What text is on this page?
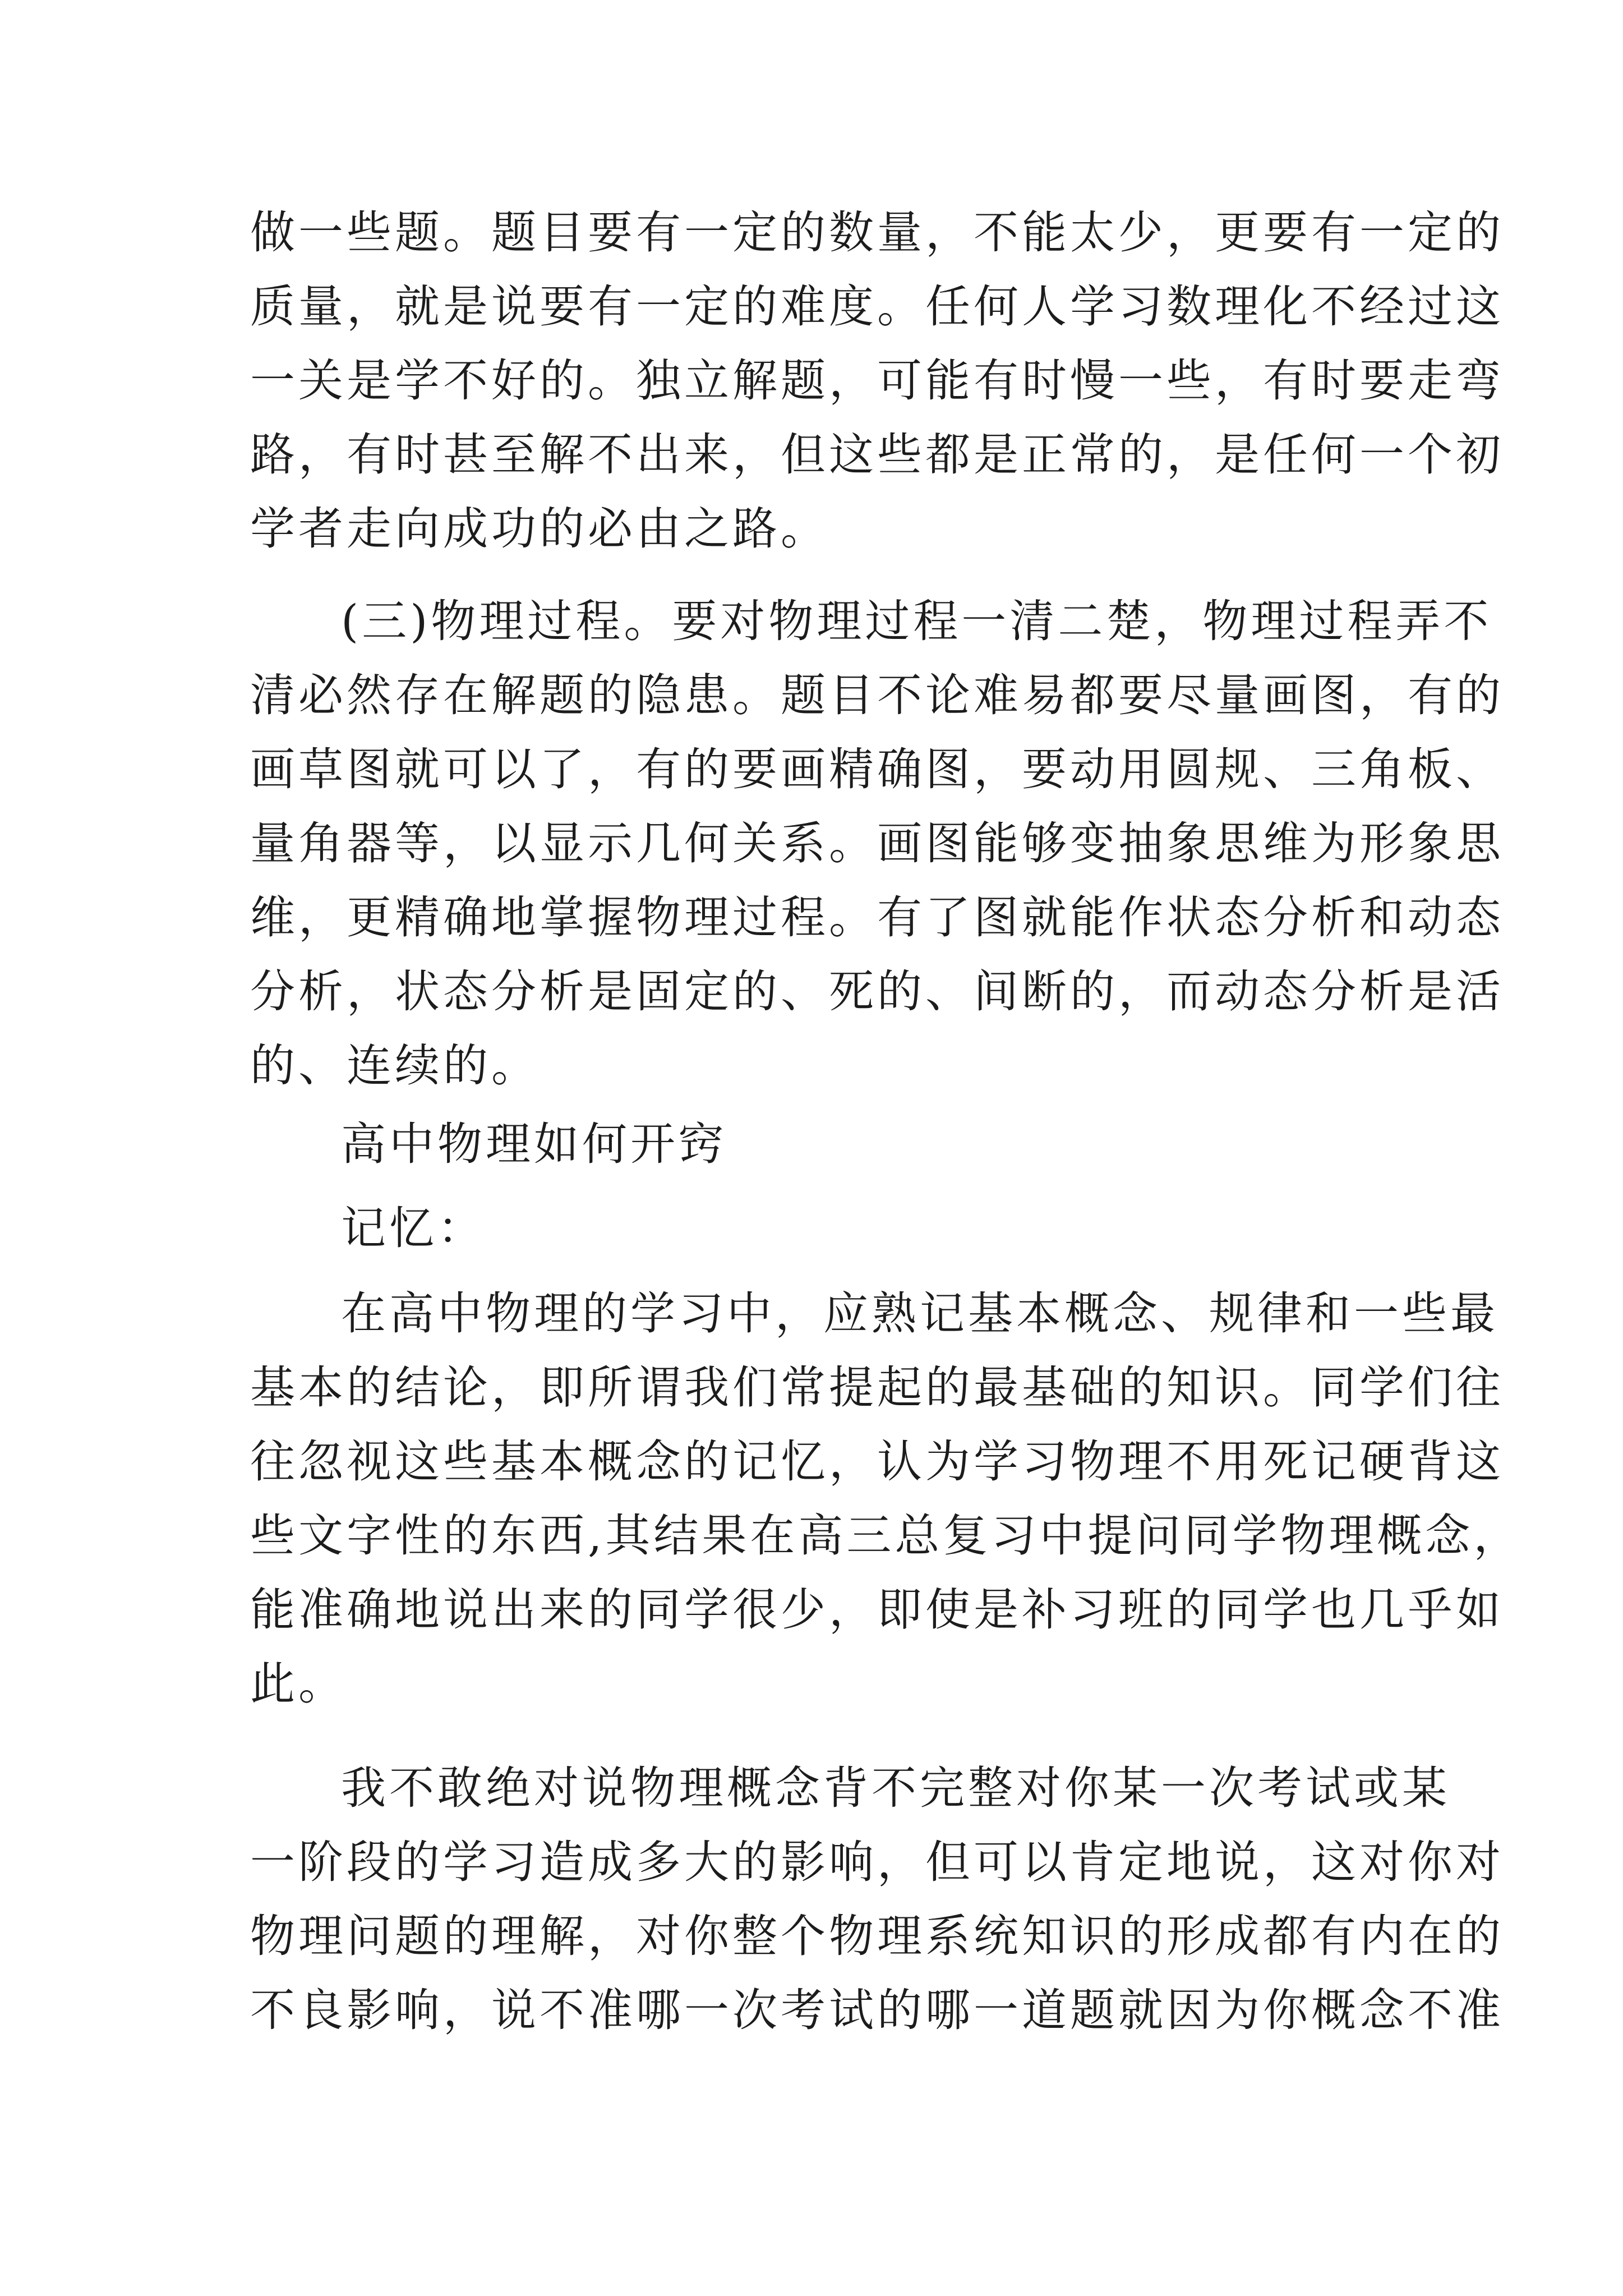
做一些题。题目要有一定的数量，不能太少，更要有一定的
质量，就是说要有一定的难度。任何人学习数理化不经过这
一关是学不好的。独立解题，可能有时慢一些，有时要走弯
路，有时甚至解不出来，但这些都是正常的，是任何一个初
学者走向成功的必由之路。
(三)物理过程。要对物理过程一清二楚，物理过程弄不
清必然存在解题的隐患。题目不论难易都要尽量画图，有的
画草图就可以了，有的要画精确图，要动用圆规、三角板、
量角器等，以显示几何关系。画图能够变抽象思维为形象思
维，更精确地掌握物理过程。有了图就能作状态分析和动态
分析，状态分析是固定的、死的、间断的，而动态分析是活
的、连续的。
高中物理如何开窍
记忆：
在高中物理的学习中，应熟记基本概念、规律和一些最
基本的结论，即所谓我们常提起的最基础的知识。同学们往
往忽视这些基本概念的记忆，认为学习物理不用死记硬背这
些文字性的东西,其结果在高三总复习中提问同学物理概念，
能准确地说出来的同学很少，即使是补习班的同学也几乎如
此。
我不敢绝对说物理概念背不完整对你某一次考试或某
一阶段的学习造成多大的影响，但可以肯定地说，这对你对
物理问题的理解，对你整个物理系统知识的形成都有内在的
不良影响，说不准哪一次考试的哪一道题就因为你概念不准
